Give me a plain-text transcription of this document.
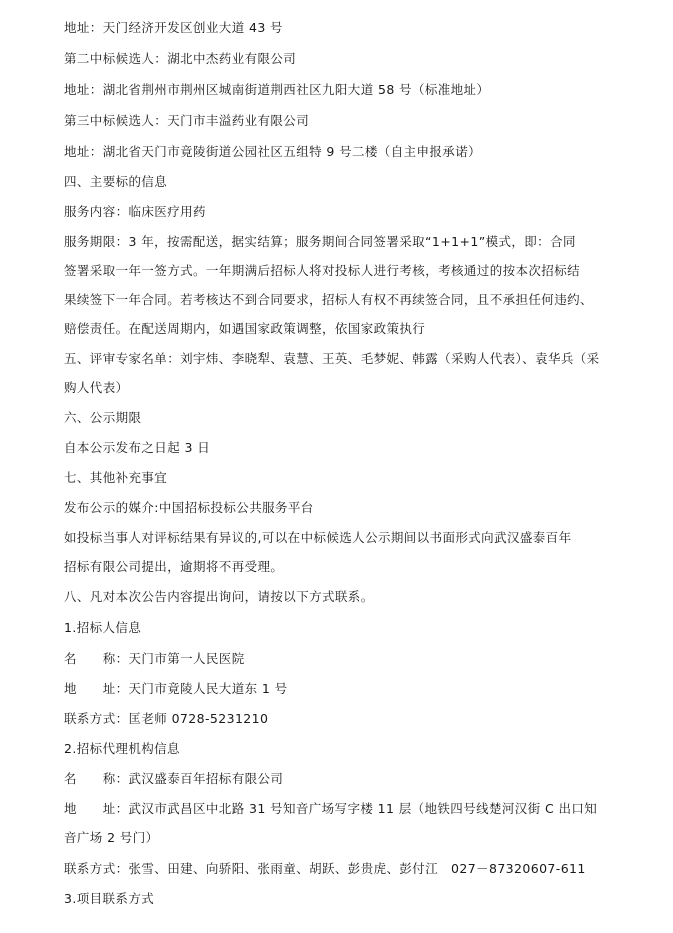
地址：天门经济开发区创业大道 43 号
第二中标候选人：湖北中杰药业有限公司
地址：湖北省荆州市荆州区城南街道荆西社区九阳大道 58 号（标准地址）
第三中标候选人：天门市丰溢药业有限公司
地址：湖北省天门市竟陵街道公园社区五组特 9 号二楼（自主申报承诺）
四、主要标的信息
服务内容：临床医疗用药
服务期限：3 年，按需配送，据实结算；服务期间合同签署采取“1+1+1”模式，即：合同
签署采取一年一签方式。一年期满后招标人将对投标人进行考核，考核通过的按本次招标结
果续签下一年合同。若考核达不到合同要求，招标人有权不再续签合同，且不承担任何违约、
赔偿责任。在配送周期内，如遇国家政策调整，依国家政策执行
五、评审专家名单：刘宇炜、李晓犁、袁慧、王英、毛梦妮、韩露（采购人代表）、袁华兵（采
购人代表）
六、公示期限
自本公示发布之日起 3 日
七、其他补充事宜
发布公示的媒介:中国招标投标公共服务平台
如投标当事人对评标结果有异议的,可以在中标候选人公示期间以书面形式向武汉盛泰百年
招标有限公司提出，逾期将不再受理。
八、凡对本次公告内容提出询问，请按以下方式联系。
1.招标人信息
名　　称：天门市第一人民医院
地　　址：天门市竟陵人民大道东 1 号
联系方式：匡老师 0728-5231210
2.招标代理机构信息
名　　称：武汉盛泰百年招标有限公司
地　　址：武汉市武昌区中北路 31 号知音广场写字楼 11 层（地铁四号线楚河汉街 C 出口知
音广场 2 号门）
联系方式：张雪、田建、向骄阳、张雨童、胡跃、彭贵虎、彭付江　027－87320607-611
3.项目联系方式
